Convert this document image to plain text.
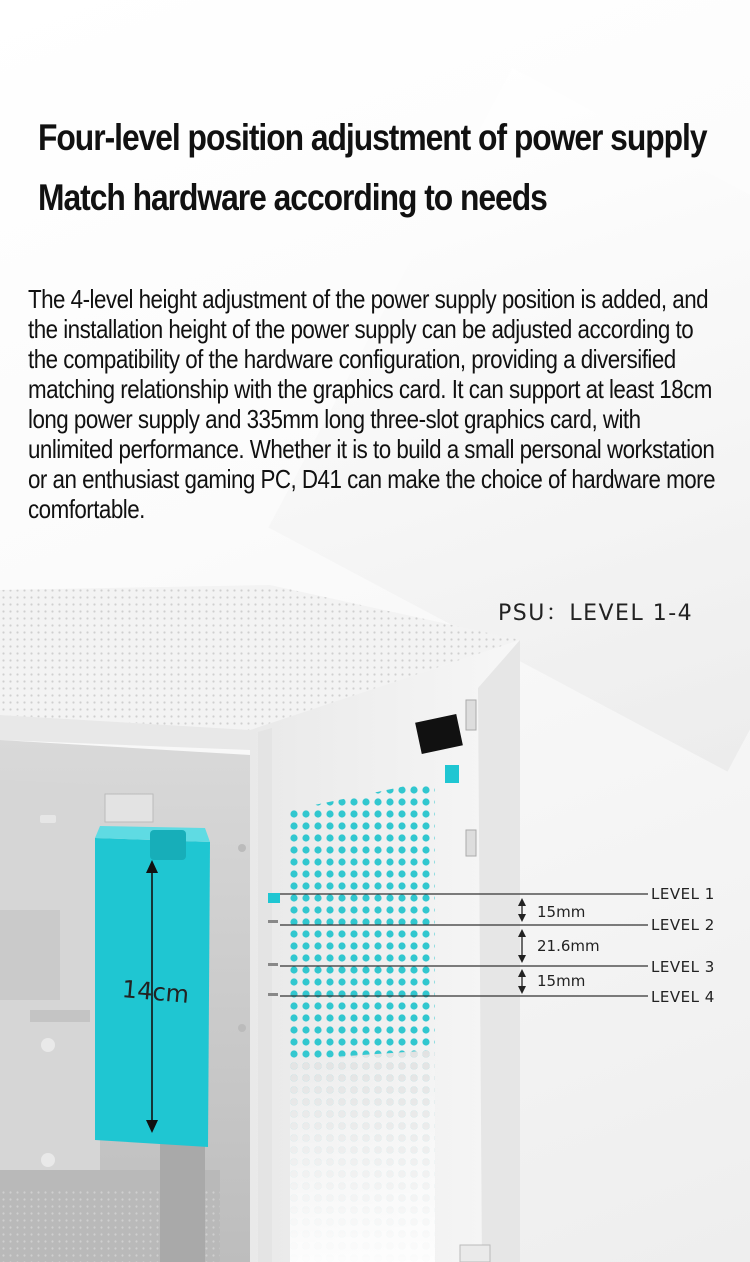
Four-level position adjustment of power supply
Match hardware according to needs

The 4-level height adjustment of the power supply position is added, and the installation height of the power supply can be adjusted according to the compatibility of the hardware configuration, providing a diversified matching relationship with the graphics card. It can support at least 18cm long power supply and 335mm long three-slot graphics card, with unlimited performance. Whether it is to build a small personal workstation or an enthusiast gaming PC, D41 can make the choice of hardware more comfortable.

PSU：LEVEL 1-4
LEVEL 1
LEVEL 2
LEVEL 3
LEVEL 4
15mm
21.6mm
15mm
14cm
